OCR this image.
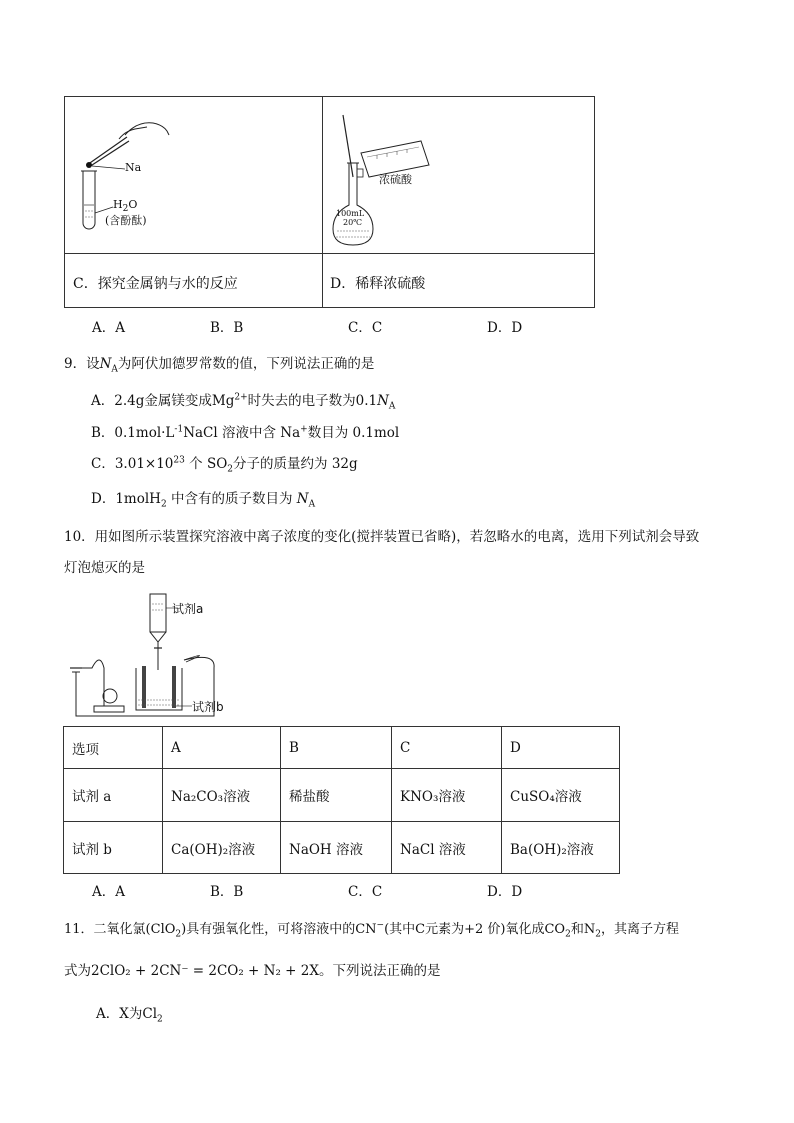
Na
$H_2O$
(含酚酞)
浓硫酸
100mL
20℃
C．探究金属钠与水的反应	D．稀释浓硫酸
A．A	B．B	C．C	D．D
9．设$N_A$为阿伏加德罗常数的值，下列说法正确的是
A．2.4g金属镁变成$Mg^{2+}$时失去的电子数为$0.1N_A$
B．$0.1mol\cdot L^{-1}NaCl$ 溶液中含 Na+数目为 0.1mol
C．$3.01\times 10^{23}$ 个 $SO_2$分子的质量约为 32g
D．1molH$_2$ 中含有的质子数目为 $N_A$
10．用如图所示装置探究溶液中离子浓度的变化(搅拌装置已省略)，若忽略水的电离，选用下列试剂会导致
灯泡熄灭的是
试剂a
试剂b
选项	A	B	C	D
试剂 a	Na₂CO₃溶液	稀盐酸	KNO₃溶液	CuSO₄溶液
试剂 b	Ca(OH)₂溶液	NaOH 溶液	NaCl 溶液	Ba(OH)₂溶液
A．A	B．B	C．C	D．D
11．二氧化氯(ClO$_2$)具有强氧化性，可将溶液中的CN−(其中C元素为+2 价)氧化成$CO_2$和$N_2$，其离子方程
式为2ClO₂ + 2CN⁻ = 2CO₂ + N₂ + 2X。下列说法正确的是
A．X为$Cl_2$
